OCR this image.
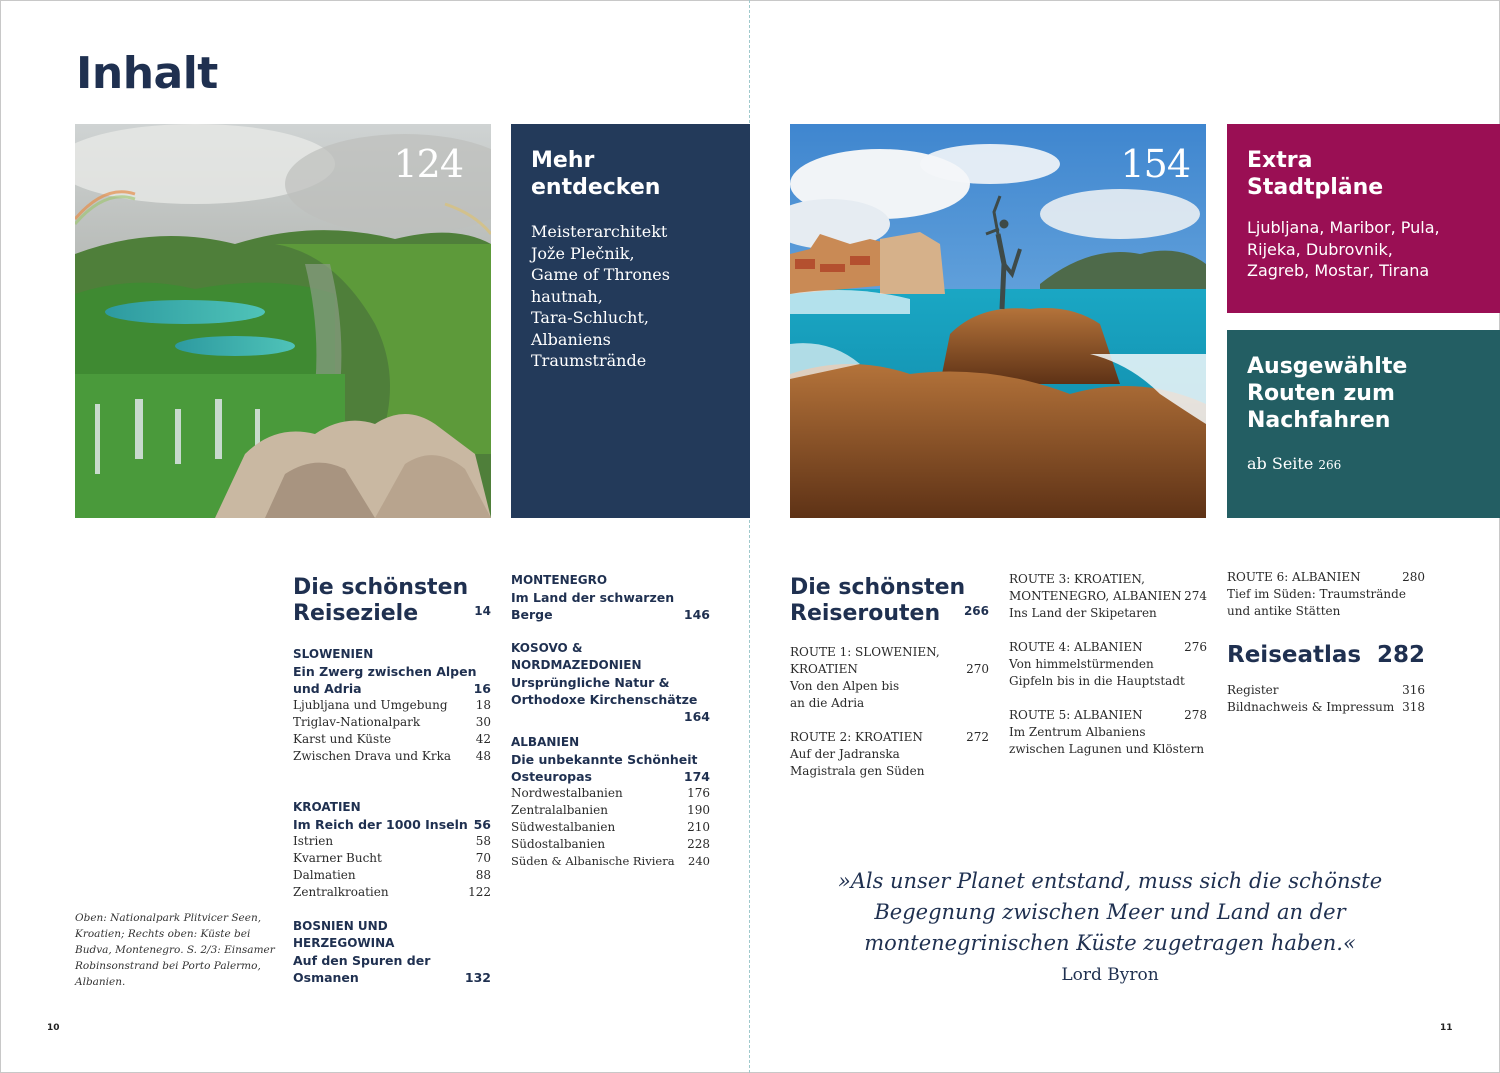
Inhalt
124	Mehr
entdecken

Meisterarchitekt
Jože Plečnik,
Game of Thrones
hautnah,
Tara-Schlucht,
Albaniens
Traumstrände

154	Extra
Stadtpläne

Ljubljana, Maribor, Pula,
Rijeka, Dubrovnik,
Zagreb, Mostar, Tirana

Ausgewählte
Routen zum
Nachfahren

ab Seite 266

Die schönsten
Reiseziele	14
SLOWENIEN
Ein Zwerg zwischen Alpen
und Adria	16
Ljubljana und Umgebung 18
Triglav-Nationalpark	30
Karst und Küste	42
Zwischen Drava und Krka 48
KROATIEN
Im Reich der 1000 Inseln 56
Istrien	58
Kvarner Bucht	70
Dalmatien	88
Zentralkroatien	122
BOSNIEN UND HERZEGOWINA
Auf den Spuren der
Osmanen	132
MONTENEGRO
Im Land der schwarzen
Berge	146
KOSOVO & NORDMAZEDONIEN
Ursprüngliche Natur &
Orthodoxe Kirchenschätze
164
ALBANIEN
Die unbekannte Schönheit
Osteuropas	174
Nordwestalbanien	176
Zentralalbanien	190
Südwestalbanien	210
Südostalbanien	228
Süden & Albanische Riviera 240
Oben: Nationalpark Plitvicer Seen,
Kroatien; Rechts oben: Küste bei
Budva, Montenegro. S. 2/3: Einsamer
Robinsonstrand bei Porto Palermo,
Albanien.
Die schönsten
Reiserouten	266
ROUTE 1: SLOWENIEN,
KROATIEN
Von den Alpen bis
an die Adria
270
ROUTE 2: KROATIEN
Auf der Jadranska
Magistrala gen Süden
272
ROUTE 3: KROATIEN,
MONTENEGRO, ALBANIEN
Ins Land der Skipetaren
274
ROUTE 4: ALBANIEN
Von himmelstürmenden
Gipfeln bis in die Hauptstadt
276
ROUTE 5: ALBANIEN
Im Zentrum Albaniens
zwischen Lagunen und Klöstern
278
ROUTE 6: ALBANIEN
Tief im Süden: Traumstrände
und antike Stätten
280
Reiseatlas 282
Register	316
Bildnachweis & Impressum 318
»Als unser Planet entstand, muss sich die schönste
Begegnung zwischen Meer und Land an der
montenegrinischen Küste zugetragen haben.«
Lord Byron
10	11
